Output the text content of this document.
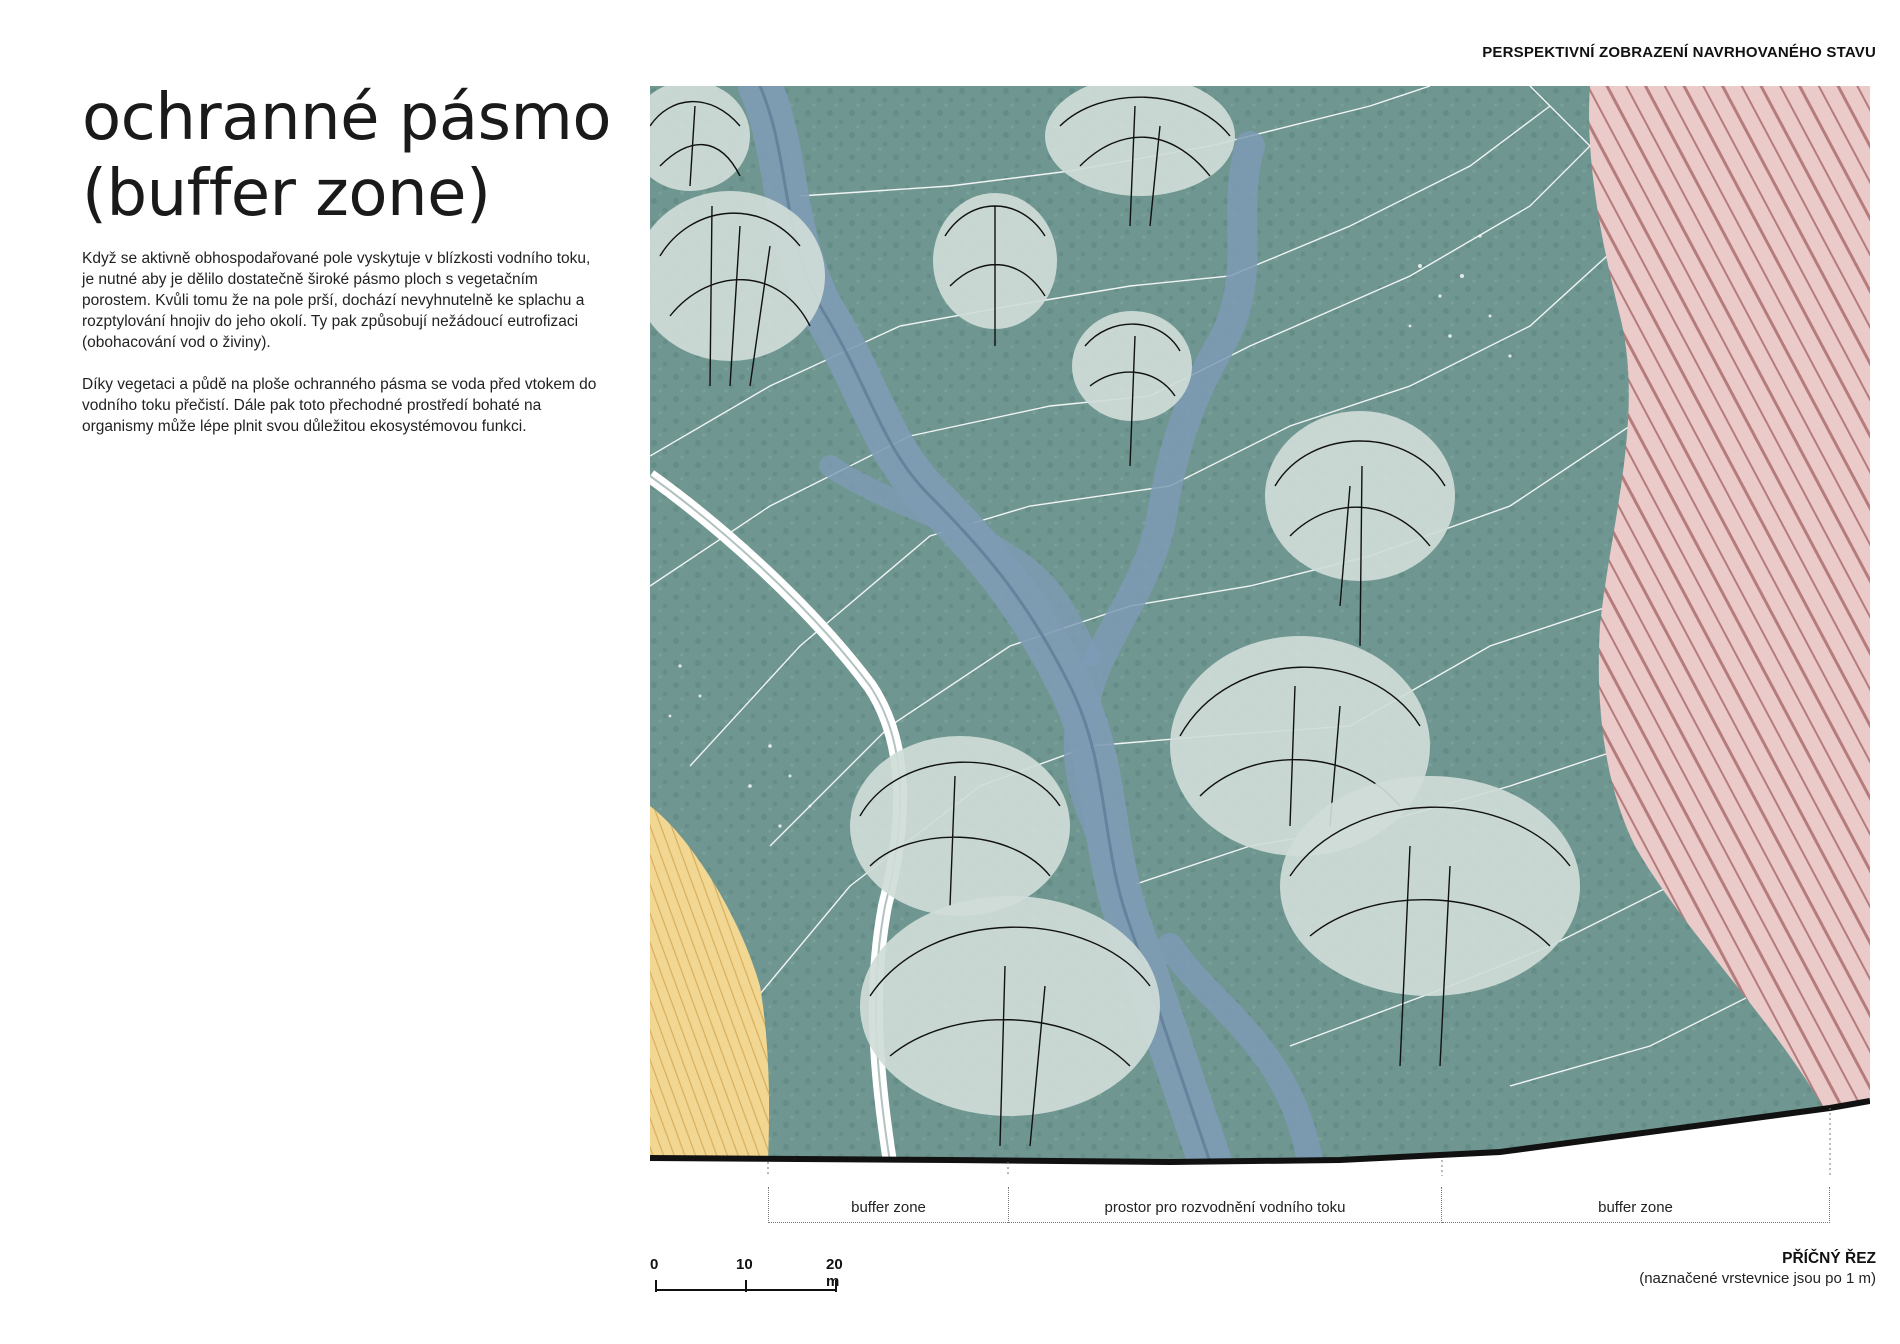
PERSPEKTIVNÍ ZOBRAZENÍ NAVRHOVANÉHO STAVU
ochranné pásmo
(buffer zone)

Když se aktivně obhospodařované pole vyskytuje v blízkosti vodního toku, je nutné aby je dělilo dostatečně široké pásmo ploch s vegetačním porostem. Kvůli tomu že na pole prší, dochází nevyhnutelně ke splachu a rozptylování hnojiv do jeho okolí. Ty pak způsobují nežádoucí eutrofizaci (obohacování vod o živiny).

Díky vegetaci a půdě na ploše ochranného pásma se voda před vtokem do vodního toku přečistí. Dále pak toto přechodné prostředí bohaté na organismy může lépe plnit svou důležitou ekosystémovou funkci.

buffer zone	prostor pro rozvodnění vodního toku	buffer zone
0	10	20 m
PŘÍČNÝ ŘEZ
(naznačené vrstevnice jsou po 1 m)
